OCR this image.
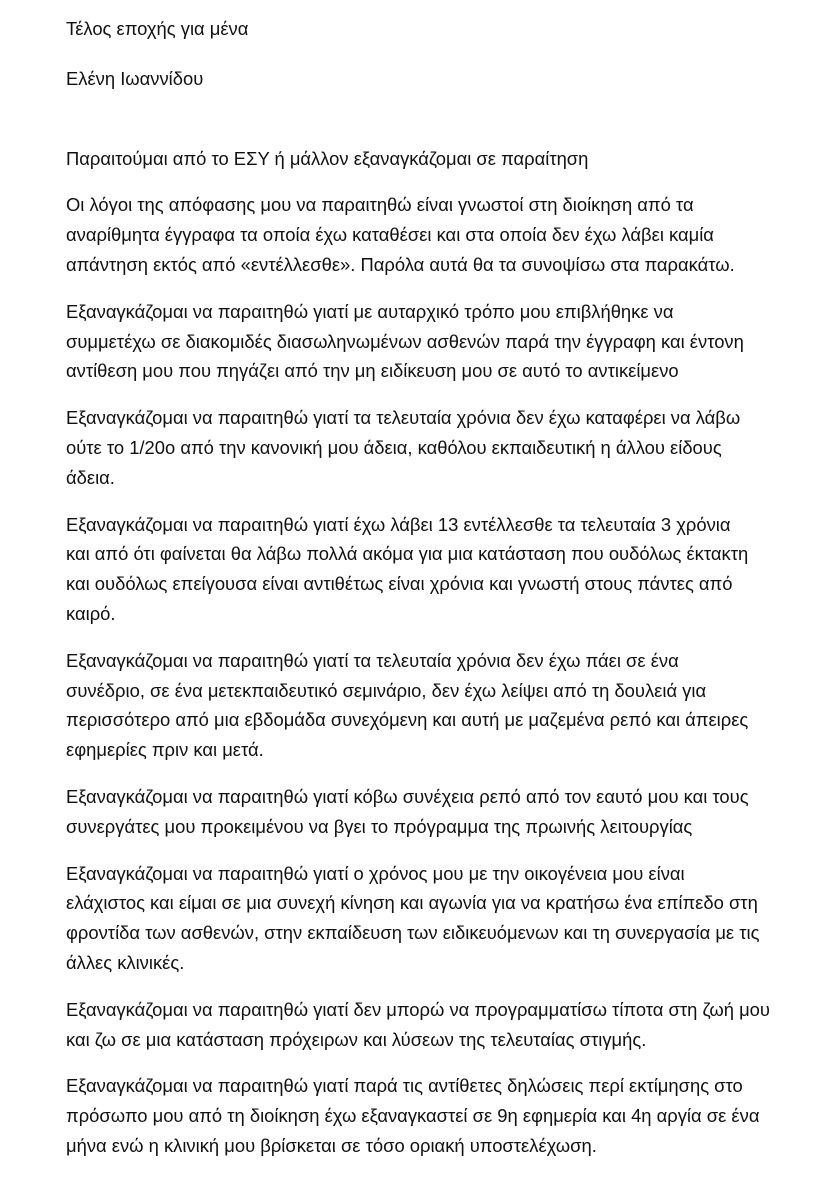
Τέλος εποχής για μένα

Ελένη Ιωαννίδου

Παραιτούμαι από το ΕΣΥ ή μάλλον εξαναγκάζομαι σε παραίτηση

Οι λόγοι της απόφασης μου να παραιτηθώ είναι γνωστοί στη διοίκηση από τα
αναρίθμητα έγγραφα τα οποία έχω καταθέσει και στα οποία δεν έχω λάβει καμία
απάντηση εκτός από «εντέλλεσθε». Παρόλα αυτά θα τα συνοψίσω στα παρακάτω.

Εξαναγκάζομαι να παραιτηθώ γιατί με αυταρχικό τρόπο μου επιβλήθηκε να
συμμετέχω σε διακομιδές διασωληνωμένων ασθενών παρά την έγγραφη και έντονη
αντίθεση μου που πηγάζει από την μη ειδίκευση μου σε αυτό το αντικείμενο

Εξαναγκάζομαι να παραιτηθώ γιατί τα τελευταία χρόνια δεν έχω καταφέρει να λάβω
ούτε το 1/20ο από την κανονική μου άδεια, καθόλου εκπαιδευτική η άλλου είδους
άδεια.

Εξαναγκάζομαι να παραιτηθώ γιατί έχω λάβει 13 εντέλλεσθε τα τελευταία 3 χρόνια
και από ότι φαίνεται θα λάβω πολλά ακόμα για μια κατάσταση που ουδόλως έκτακτη
και ουδόλως επείγουσα είναι αντιθέτως είναι χρόνια και γνωστή στους πάντες από
καιρό.

Εξαναγκάζομαι να παραιτηθώ γιατί τα τελευταία χρόνια δεν έχω πάει σε ένα
συνέδριο, σε ένα μετεκπαιδευτικό σεμινάριο, δεν έχω λείψει από τη δουλειά για
περισσότερο από μια εβδομάδα συνεχόμενη και αυτή με μαζεμένα ρεπό και άπειρες
εφημερίες πριν και μετά.

Εξαναγκάζομαι να παραιτηθώ γιατί κόβω συνέχεια ρεπό από τον εαυτό μου και τους
συνεργάτες μου προκειμένου να βγει το πρόγραμμα της πρωινής λειτουργίας

Εξαναγκάζομαι να παραιτηθώ γιατί ο χρόνος μου με την οικογένεια μου είναι
ελάχιστος και είμαι σε μια συνεχή κίνηση και αγωνία για να κρατήσω ένα επίπεδο στη
φροντίδα των ασθενών, στην εκπαίδευση των ειδικευόμενων και τη συνεργασία με τις
άλλες κλινικές.

Εξαναγκάζομαι να παραιτηθώ γιατί δεν μπορώ να προγραμματίσω τίποτα στη ζωή μου
και ζω σε μια κατάσταση πρόχειρων και λύσεων της τελευταίας στιγμής.

Εξαναγκάζομαι να παραιτηθώ γιατί παρά τις αντίθετες δηλώσεις περί εκτίμησης στο
πρόσωπο μου από τη διοίκηση έχω εξαναγκαστεί σε 9η εφημερία και 4η αργία σε ένα
μήνα ενώ η κλινική μου βρίσκεται σε τόσο οριακή υποστελέχωση.
